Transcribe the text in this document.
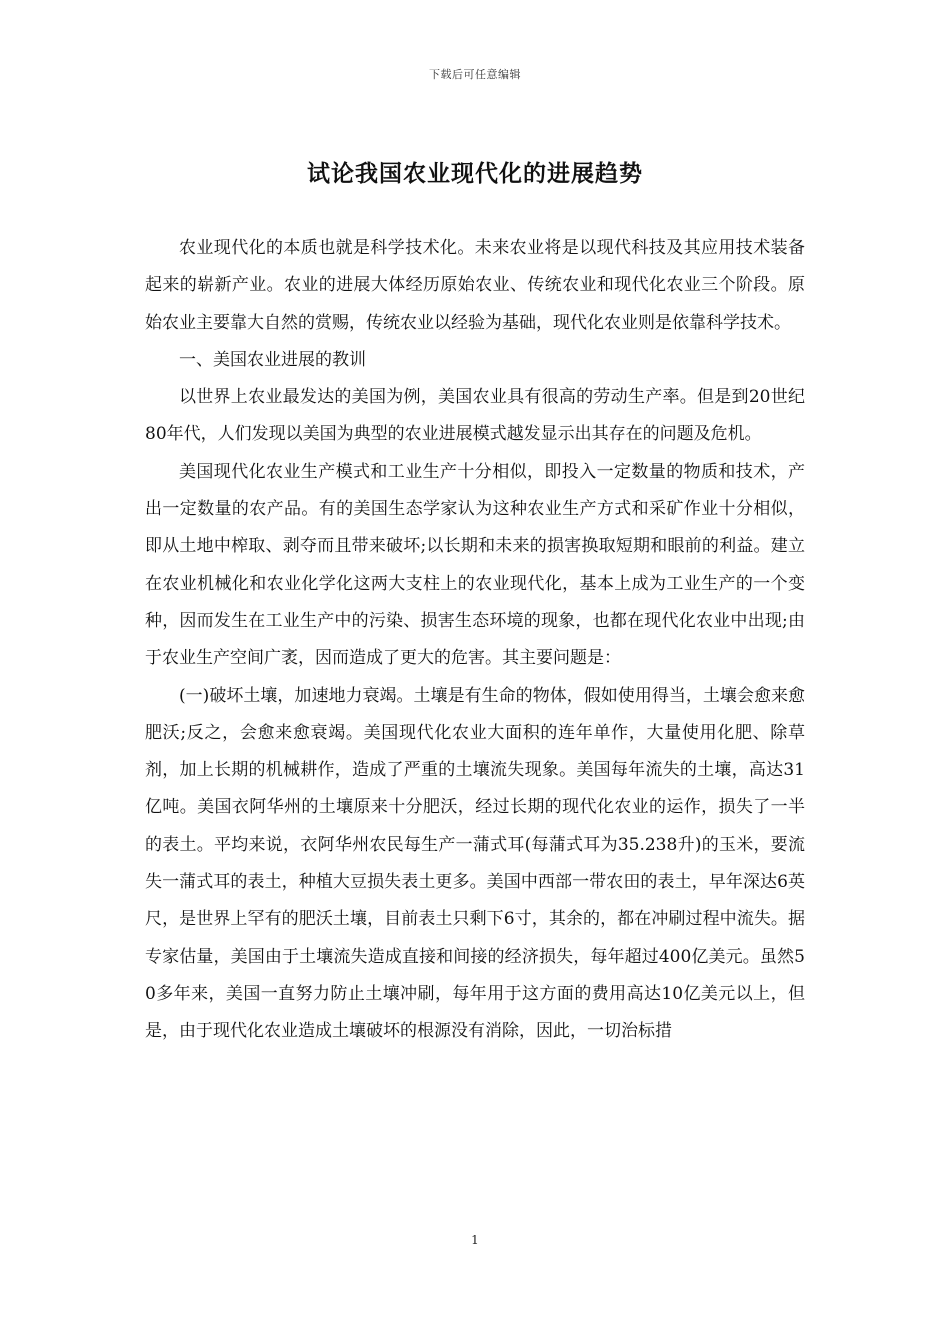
下载后可任意编辑
试论我国农业现代化的进展趋势

农业现代化的本质也就是科学技术化。未来农业将是以现代科技及其应用技术装备起来的崭新产业。农业的进展大体经历原始农业、传统农业和现代化农业三个阶段。原始农业主要靠大自然的赏赐，传统农业以经验为基础，现代化农业则是依靠科学技术。

一、美国农业进展的教训

以世界上农业最发达的美国为例，美国农业具有很高的劳动生产率。但是到20世纪80年代，人们发现以美国为典型的农业进展模式越发显示出其存在的问题及危机。

美国现代化农业生产模式和工业生产十分相似，即投入一定数量的物质和技术，产出一定数量的农产品。有的美国生态学家认为这种农业生产方式和采矿作业十分相似，即从土地中榨取、剥夺而且带来破坏;以长期和未来的损害换取短期和眼前的利益。建立在农业机械化和农业化学化这两大支柱上的农业现代化，基本上成为工业生产的一个变种，因而发生在工业生产中的污染、损害生态环境的现象，也都在现代化农业中出现;由于农业生产空间广袤，因而造成了更大的危害。其主要问题是：

(一)破坏土壤，加速地力衰竭。土壤是有生命的物体，假如使用得当，土壤会愈来愈肥沃;反之，会愈来愈衰竭。美国现代化农业大面积的连年单作，大量使用化肥、除草剂，加上长期的机械耕作，造成了严重的土壤流失现象。美国每年流失的土壤，高达31亿吨。美国衣阿华州的土壤原来十分肥沃，经过长期的现代化农业的运作，损失了一半的表土。平均来说，衣阿华州农民每生产一蒲式耳(每蒲式耳为35.238升)的玉米，要流失一蒲式耳的表土，种植大豆损失表土更多。美国中西部一带农田的表土，早年深达6英尺，是世界上罕有的肥沃土壤，目前表土只剩下6寸，其余的，都在冲刷过程中流失。据专家估量，美国由于土壤流失造成直接和间接的经济损失，每年超过400亿美元。虽然50多年来，美国一直努力防止土壤冲刷，每年用于这方面的费用高达10亿美元以上，但是，由于现代化农业造成土壤破坏的根源没有消除，因此，一切治标措

1
